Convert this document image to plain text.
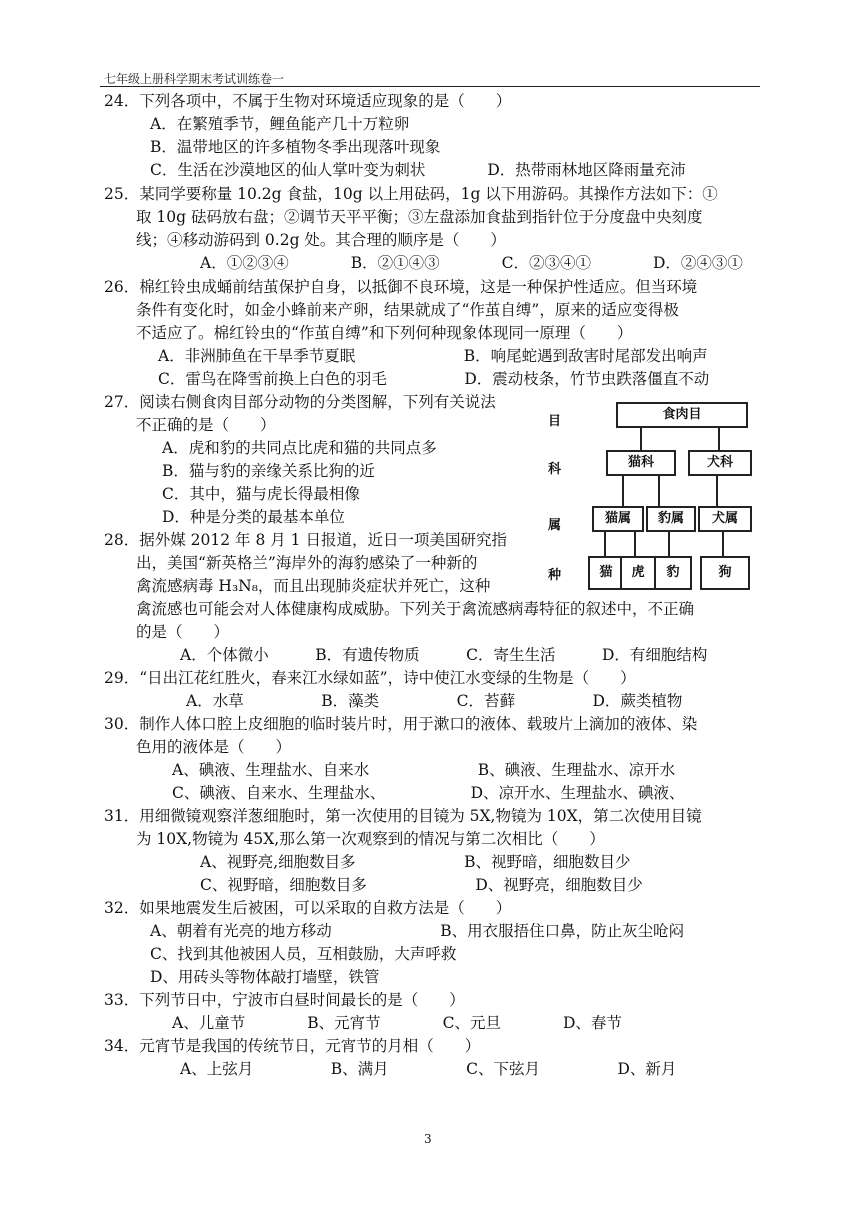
七年级上册科学期末考试训练卷一
24．下列各项中，不属于生物对环境适应现象的是（　　）
A．在繁殖季节，鲤鱼能产几十万粒卵
B．温带地区的许多植物冬季出现落叶现象
C．生活在沙漠地区的仙人掌叶变为刺状　　　　D．热带雨林地区降雨量充沛
25．某同学要称量 10.2g 食盐，10g 以上用砝码，1g 以下用游码。其操作方法如下：①
取 10g 砝码放右盘；②调节天平平衡；③左盘添加食盐到指针位于分度盘中央刻度
线；④移动游码到 0.2g 处。其合理的顺序是（　　）
A．①②③④　　　　B．②①④③　　　　C．②③④①　　　　D．②④③①
26．棉红铃虫成蛹前结茧保护自身，以抵御不良环境，这是一种保护性适应。但当环境
条件有变化时，如金小蜂前来产卵，结果就成了“作茧自缚”，原来的适应变得极
不适应了。棉红铃虫的“作茧自缚”和下列何种现象体现同一原理（　　）
A．非洲肺鱼在干旱季节夏眠　　　　　　　B．响尾蛇遇到敌害时尾部发出响声
C．雷鸟在降雪前换上白色的羽毛　　　　　D．震动枝条，竹节虫跌落僵直不动
27．阅读右侧食肉目部分动物的分类图解，下列有关说法
不正确的是（　　）
A．虎和豹的共同点比虎和猫的共同点多
B．猫与豹的亲缘关系比狗的近
C．其中，猫与虎长得最相像
D．种是分类的最基本单位
28．据外媒 2012 年 8 月 1 日报道，近日一项美国研究指
出，美国“新英格兰”海岸外的海豹感染了一种新的
禽流感病毒 H₃N₈，而且出现肺炎症状并死亡，这种
禽流感也可能会对人体健康构成威胁。下列关于禽流感病毒特征的叙述中，不正确
的是（　　）
A．个体微小　　　B．有遗传物质　　　C．寄生生活　　　D．有细胞结构
29．“日出江花红胜火，春来江水绿如蓝”，诗中使江水变绿的生物是（　　）
A．水草　　　　　B．藻类　　　　　C．苔藓　　　　　D．蕨类植物
30．制作人体口腔上皮细胞的临时装片时，用于漱口的液体、载玻片上滴加的液体、染
色用的液体是（　　）
A、碘液、生理盐水、自来水　　　　　　　B、碘液、生理盐水、凉开水
C、碘液、自来水、生理盐水、　　　　　　D、凉开水、生理盐水、碘液、
31．用细微镜观察洋葱细胞时，第一次使用的目镜为 5X,物镜为 10X，第二次使用目镜
为 10X,物镜为 45X,那么第一次观察到的情况与第二次相比（　　）
A、视野亮,细胞数目多　　　　　　　B、视野暗，细胞数目少
C、视野暗，细胞数目多　　　　　　　D、视野亮，细胞数目少
32．如果地震发生后被困，可以采取的自救方法是（　　）
A、朝着有光亮的地方移动　　　　　　　B、用衣服捂住口鼻，防止灰尘呛闷
C、找到其他被困人员，互相鼓励，大声呼救
D、用砖头等物体敲打墙壁，铁管
33．下列节日中，宁波市白昼时间最长的是（　　）
A、儿童节　　　　B、元宵节　　　　C、元旦　　　　D、春节
34．元宵节是我国的传统节日，元宵节的月相（　　）
A、上弦月　　　　　B、满月　　　　　C、下弦月　　　　　D、新月
目
科
属
种
食肉目
猫科	犬科
猫属	豹属	犬属
猫	虎	豹	狗
3
